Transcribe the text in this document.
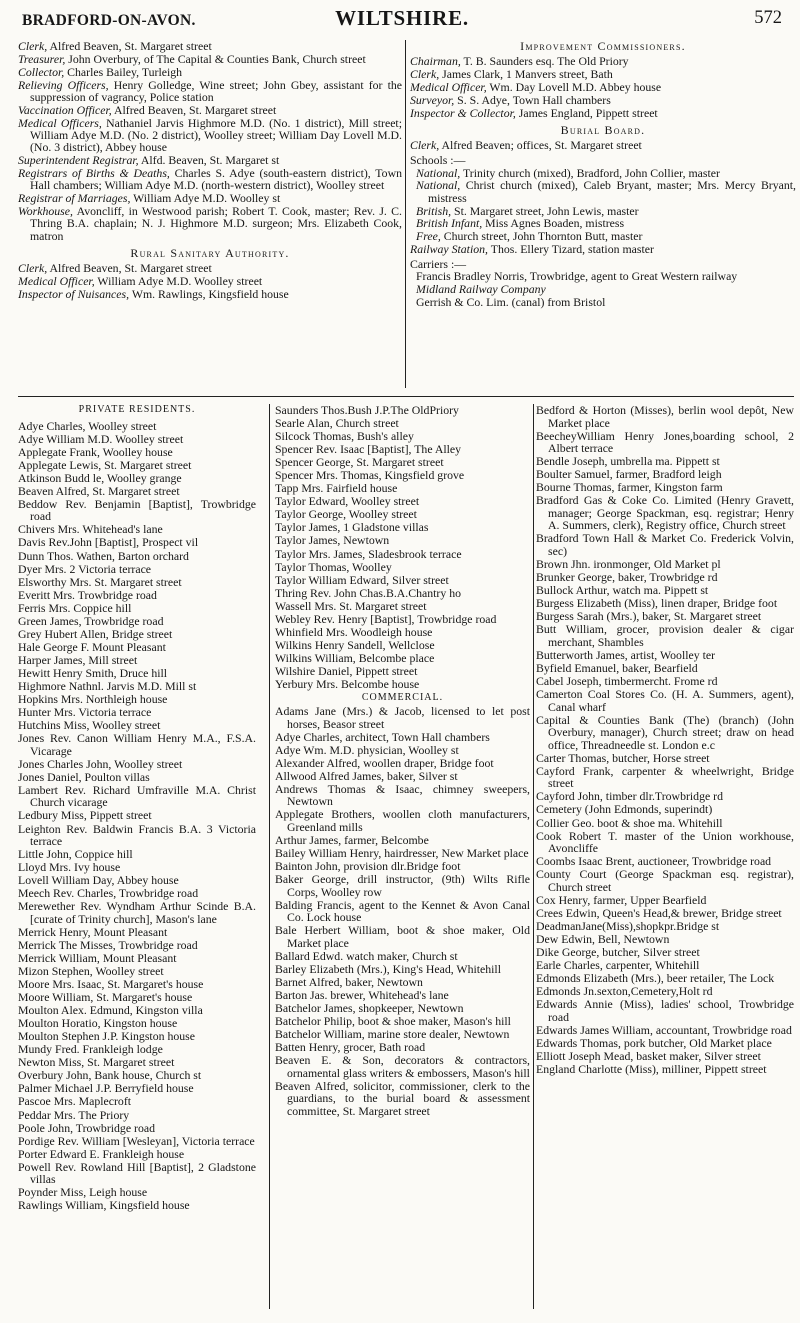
BRADFORD-ON-AVON.	WILTSHIRE.	572
Clerk, Alfred Beaven, St. Margaret street
Treasurer, John Overbury, of The Capital & Counties Bank, Church street
Collector, Charles Bailey, Turleigh
Relieving Officers, Henry Golledge, Wine street; John Gbey, assistant for the suppression of vagrancy, Police station
Vaccination Officer, Alfred Beaven, St. Margaret street
Medical Officers, Nathaniel Jarvis Highmore M.D. (No. 1 district), Mill street; William Adye M.D. (No. 2 district), Woolley street; William Day Lovell M.D. (No. 3 district), Abbey house
Superintendent Registrar, Alfd. Beaven, St. Margaret st
Registrars of Births & Deaths, Charles S. Adye (south-eastern district), Town Hall chambers; William Adye M.D. (north-western district), Woolley street
Registrar of Marriages, William Adye M.D. Woolley st
Workhouse, Avoncliff, in Westwood parish; Robert T. Cook, master; Rev. J. C. Thring B.A. chaplain; N. J. Highmore M.D. surgeon; Mrs. Elizabeth Cook, matron
Rural Sanitary Authority.
Clerk, Alfred Beaven, St. Margaret street
Medical Officer, William Adye M.D. Woolley street
Inspector of Nuisances, Wm. Rawlings, Kingsfield house
Improvement Commissioners.
Chairman, T. B. Saunders esq. The Old Priory
Clerk, James Clark, 1 Manvers street, Bath
Medical Officer, Wm. Day Lovell M.D. Abbey house
Surveyor, S. S. Adye, Town Hall chambers
Inspector & Collector, James England, Pippett street
Burial Board.
Clerk, Alfred Beaven; offices, St. Margaret street
Schools :—
National, Trinity church (mixed), Bradford, John Collier, master
National, Christ church (mixed), Caleb Bryant, master; Mrs. Mercy Bryant, mistress
British, St. Margaret street, John Lewis, master
British Infant, Miss Agnes Boaden, mistress
Free, Church street, John Thornton Butt, master
Railway Station, Thos. Ellery Tizard, station master
Carriers :—
Francis Bradley Norris, Trowbridge, agent to Great Western railway
Midland Railway Company
Gerrish & Co. Lim. (canal) from Bristol
PRIVATE RESIDENTS.
Adye Charles, Woolley street
Adye William M.D. Woolley street
Applegate Frank, Woolley house
Applegate Lewis, St. Margaret street
Atkinson Budd le, Woolley grange
Beaven Alfred, St. Margaret street
Beddow Rev. Benjamin [Baptist], Trowbridge road
Chivers Mrs. Whitehead's lane
Davis Rev.John [Baptist], Prospect vil
Dunn Thos. Wathen, Barton orchard
Dyer Mrs. 2 Victoria terrace
Elsworthy Mrs. St. Margaret street
Everitt Mrs. Trowbridge road
Ferris Mrs. Coppice hill
Green James, Trowbridge road
Grey Hubert Allen, Bridge street
Hale George F. Mount Pleasant
Harper James, Mill street
Hewitt Henry Smith, Druce hill
Highmore Nathnl. Jarvis M.D. Mill st
Hopkins Mrs. Northleigh house
Hunter Mrs. Victoria terrace
Hutchins Miss, Woolley street
Jones Rev. Canon William Henry M.A., F.S.A. Vicarage
Jones Charles John, Woolley street
Jones Daniel, Poulton villas
Lambert Rev. Richard Umfraville M.A. Christ Church vicarage
Ledbury Miss, Pippett street
Leighton Rev. Baldwin Francis B.A. 3 Victoria terrace
Little John, Coppice hill
Lloyd Mrs. Ivy house
Lovell William Day, Abbey house
Meech Rev. Charles, Trowbridge road
Merewether Rev. Wyndham Arthur Scinde B.A. [curate of Trinity church], Mason's lane
Merrick Henry, Mount Pleasant
Merrick The Misses, Trowbridge road
Merrick William, Mount Pleasant
Mizon Stephen, Woolley street
Moore Mrs. Isaac, St. Margaret's house
Moore William, St. Margaret's house
Moulton Alex. Edmund, Kingston villa
Moulton Horatio, Kingston house
Moulton Stephen J.P. Kingston house
Mundy Fred. Frankleigh lodge
Newton Miss, St. Margaret street
Overbury John, Bank house, Church st
Palmer Michael J.P. Berryfield house
Pascoe Mrs. Maplecroft
Peddar Mrs. The Priory
Poole John, Trowbridge road
Pordige Rev. William [Wesleyan], Victoria terrace
Porter Edward E. Frankleigh house
Powell Rev. Rowland Hill [Baptist], 2 Gladstone villas
Poynder Miss, Leigh house
Rawlings William, Kingsfield house
Saunders Thos.Bush J.P.The OldPriory
Searle Alan, Church street
Silcock Thomas, Bush's alley
Spencer Rev. Isaac [Baptist], The Alley
Spencer George, St. Margaret street
Spencer Mrs. Thomas, Kingsfield grove
Tapp Mrs. Fairfield house
Taylor Edward, Woolley street
Taylor George, Woolley street
Taylor James, 1 Gladstone villas
Taylor James, Newtown
Taylor Mrs. James, Sladesbrook terrace
Taylor Thomas, Woolley
Taylor William Edward, Silver street
Thring Rev. John Chas.B.A.Chantry ho
Wassell Mrs. St. Margaret street
Webley Rev. Henry [Baptist], Trowbridge road
Whinfield Mrs. Woodleigh house
Wilkins Henry Sandell, Wellclose
Wilkins William, Belcombe place
Wilshire Daniel, Pippett street
Yerbury Mrs. Belcombe house
COMMERCIAL.
Adams Jane (Mrs.) & Jacob, licensed to let post horses, Beasor street
Adye Charles, architect, Town Hall chambers
Adye Wm. M.D. physician, Woolley st
Alexander Alfred, woollen draper, Bridge foot
Allwood Alfred James, baker, Silver st
Andrews Thomas & Isaac, chimney sweepers, Newtown
Applegate Brothers, woollen cloth manufacturers, Greenland mills
Arthur James, farmer, Belcombe
Bailey William Henry, hairdresser, New Market place
Bainton John, provision dlr.Bridge foot
Baker George, drill instructor, (9th) Wilts Rifle Corps, Woolley row
Balding Francis, agent to the Kennet & Avon Canal Co. Lock house
Bale Herbert William, boot & shoe maker, Old Market place
Ballard Edwd. watch maker, Church st
Barley Elizabeth (Mrs.), King's Head, Whitehill
Barnet Alfred, baker, Newtown
Barton Jas. brewer, Whitehead's lane
Batchelor James, shopkeeper, Newtown
Batchelor Philip, boot & shoe maker, Mason's hill
Batchelor William, marine store dealer, Newtown
Batten Henry, grocer, Bath road
Beaven E. & Son, decorators & contractors, ornamental glass writers & embossers, Mason's hill
Beaven Alfred, solicitor, commissioner, clerk to the guardians, to the burial board & assessment committee, St. Margaret street
Bedford & Horton (Misses), berlin wool depôt, New Market place
BeecheyWilliam Henry Jones,boarding school, 2 Albert terrace
Bendle Joseph, umbrella ma. Pippett st
Boulter Samuel, farmer, Bradford leigh
Bourne Thomas, farmer, Kingston farm
Bradford Gas & Coke Co. Limited (Henry Gravett, manager; George Spackman, esq. registrar; Henry A. Summers, clerk), Registry office, Church street
Bradford Town Hall & Market Co. Frederick Volvin, sec)
Brown Jhn. ironmonger, Old Market pl
Brunker George, baker, Trowbridge rd
Bullock Arthur, watch ma. Pippett st
Burgess Elizabeth (Miss), linen draper, Bridge foot
Burgess Sarah (Mrs.), baker, St. Margaret street
Butt William, grocer, provision dealer & cigar merchant, Shambles
Butterworth James, artist, Woolley ter
Byfield Emanuel, baker, Bearfield
Cabel Joseph, timbermercht. Frome rd
Camerton Coal Stores Co. (H. A. Summers, agent), Canal wharf
Capital & Counties Bank (The) (branch) (John Overbury, manager), Church street; draw on head office, Threadneedle st. London e.c
Carter Thomas, butcher, Horse street
Cayford Frank, carpenter & wheelwright, Bridge street
Cayford John, timber dlr.Trowbridge rd
Cemetery (John Edmonds, superindt)
Collier Geo. boot & shoe ma. Whitehill
Cook Robert T. master of the Union workhouse, Avoncliffe
Coombs Isaac Brent, auctioneer, Trowbridge road
County Court (George Spackman esq. registrar), Church street
Cox Henry, farmer, Upper Bearfield
Crees Edwin, Queen's Head,& brewer, Bridge street
DeadmanJane(Miss),shopkpr.Bridge st
Dew Edwin, Bell, Newtown
Dike George, butcher, Silver street
Earle Charles, carpenter, Whitehill
Edmonds Elizabeth (Mrs.), beer retailer, The Lock
Edmonds Jn.sexton,Cemetery,Holt rd
Edwards Annie (Miss), ladies' school, Trowbridge road
Edwards James William, accountant, Trowbridge road
Edwards Thomas, pork butcher, Old Market place
Elliott Joseph Mead, basket maker, Silver street
England Charlotte (Miss), milliner, Pippett street
